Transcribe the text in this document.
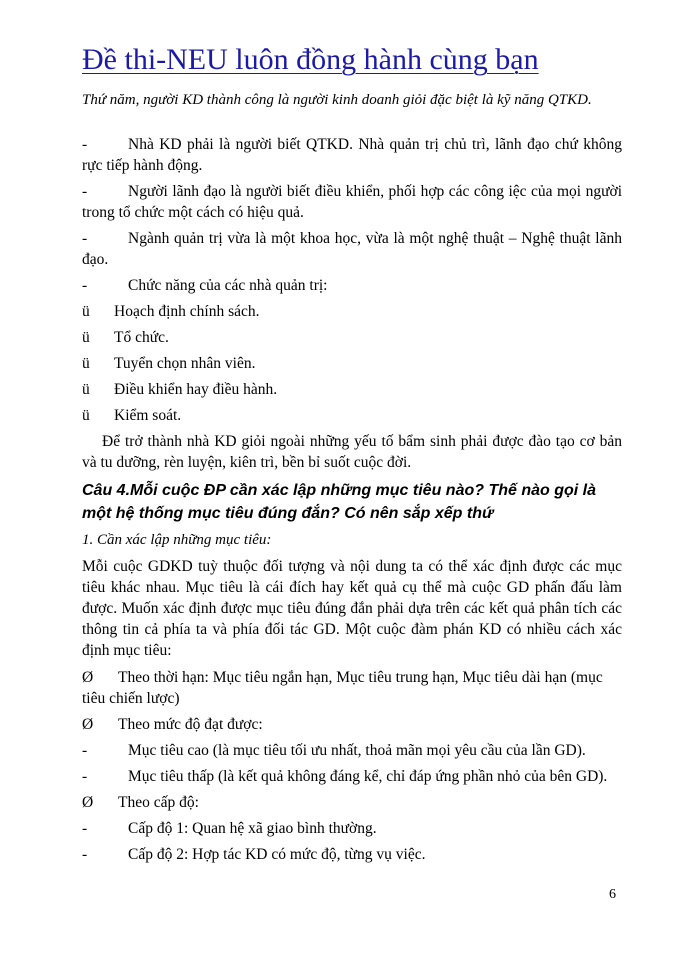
Đề thi-NEU luôn đồng hành cùng bạn
Thứ năm, người KD thành công là người kinh doanh giỏi đặc biệt là kỹ năng QTKD.
-	Nhà KD phải là người biết QTKD. Nhà quản trị chủ trì, lãnh đạo chứ không rực tiếp hành động.
-	Người lãnh đạo là người biết điều khiển, phối hợp các công iệc của mọi người trong tổ chức một cách có hiệu quả.
-	Ngành quản trị vừa là một khoa học, vừa là một nghệ thuật – Nghệ thuật lãnh đạo.
-	Chức năng của các nhà quản trị:
ü Hoạch định chính sách.
ü Tổ chức.
ü Tuyển chọn nhân viên.
ü Điều khiển hay điều hành.
ü Kiểm soát.
Để trở thành nhà KD giỏi ngoài những yếu tố bẩm sinh phải được đào tạo cơ bản và tu dưỡng, rèn luyện, kiên trì, bền bỉ suốt cuộc đời.
Câu 4.Mỗi cuộc ĐP cần xác lập những mục tiêu nào? Thế nào gọi là một hệ thống mục tiêu đúng đắn? Có nên sắp xếp thứ
1. Cần xác lập những mục tiêu:
Mỗi cuộc GDKD tuỳ thuộc đối tượng và nội dung ta có thể xác định được các mục tiêu khác nhau. Mục tiêu là cái đích hay kết quả cụ thể mà cuộc GD phấn đấu làm được. Muốn xác định được mục tiêu đúng đắn phải dựa trên các kết quả phân tích các thông tin cả phía ta và phía đối tác GD. Một cuộc đàm phán KD có nhiều cách xác định mục tiêu:
Ø	Theo thời hạn: Mục tiêu ngắn hạn, Mục tiêu trung hạn, Mục tiêu dài hạn (mục tiêu chiến lược)
Ø	Theo mức độ đạt được:
-	Mục tiêu cao (là mục tiêu tối ưu nhất, thoả mãn mọi yêu cầu của lần GD).
-	Mục tiêu thấp (là kết quả không đáng kể, chỉ đáp ứng phần nhỏ của bên GD).
Ø	Theo cấp độ:
-	Cấp độ 1: Quan hệ xã giao bình thường.
-	Cấp độ 2: Hợp tác KD có mức độ, từng vụ việc.
6
